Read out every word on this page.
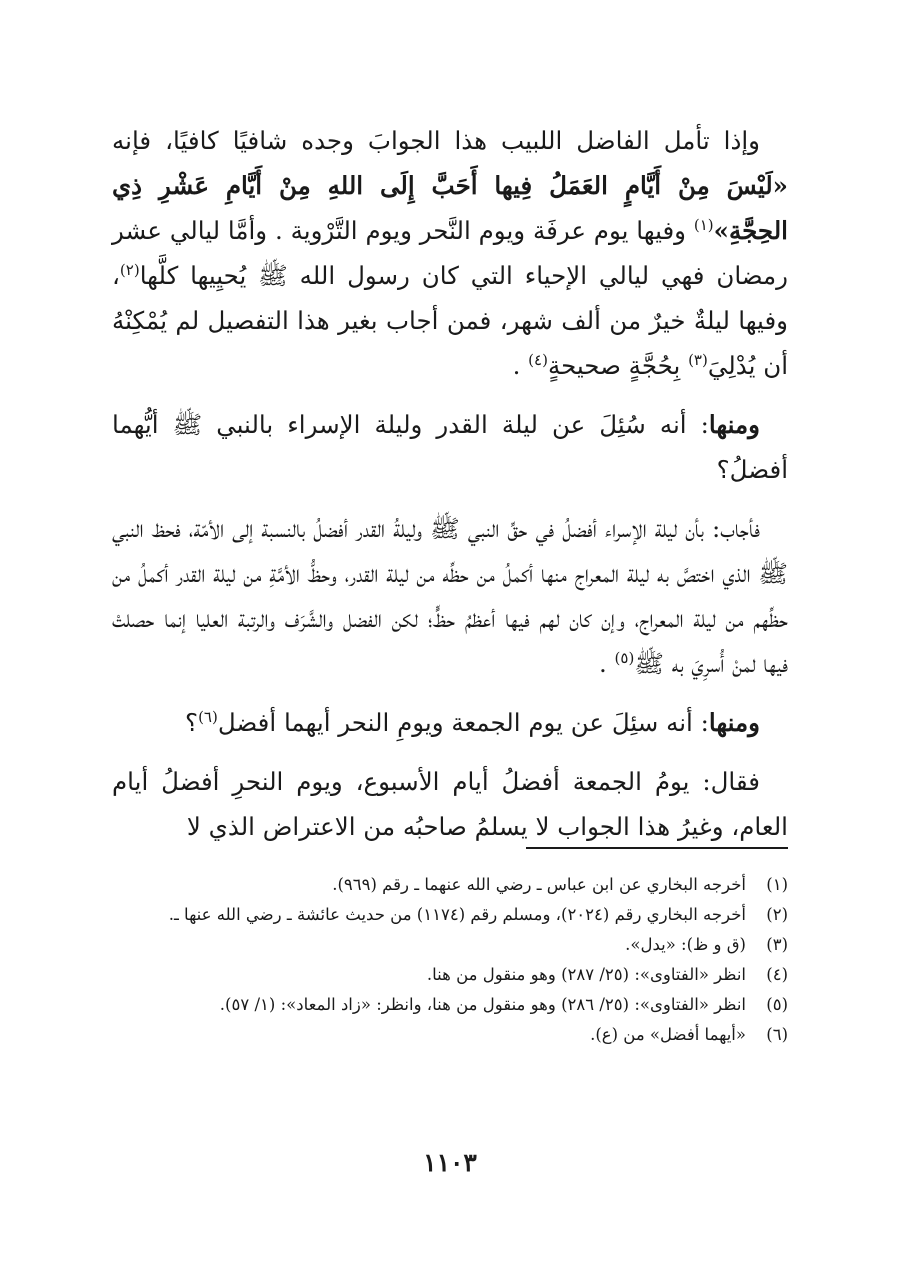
وإذا تأمل الفاضل اللبيب هذا الجوابَ وجده شافيًا كافيًا، فإنه «لَيْسَ مِنْ أَيَّامٍ العَمَلُ فِيها أَحَبَّ إِلَى اللهِ مِنْ أَيَّامِ عَشْرِ ذِي الحِجَّةِ»$^{(١)}$ وفيها يوم عرفَة ويوم النَّحر ويوم التَّرْوية . وأمَّا ليالي عشر رمضان فهي ليالي الإحياء التي كان رسول الله ﷺ يُحيِيها كلَّها$^{(٢)}$، وفيها ليلةٌ خيرٌ من ألف شهر، فمن أجاب بغير هذا التفصيل لم يُمْكِنْهُ أن يُدْلِيَ$^{(٣)}$ بِحُجَّةٍ صحيحةٍ$^{(٤)}$ .

ومنها: أنه سُئِلَ عن ليلة القدر وليلة الإسراء بالنبي ﷺ أيُّهما أفضلُ؟

فأجاب: بأن ليلة الإسراء أفضلُ في حقِّ النبي ﷺ وليلةُ القدر أفضلُ بالنسبة إلى الأمّة، فحظ النبي ﷺ الذي اختصَّ به ليلة المعراج منها أكملُ من حظِّه من ليلة القدر، وحظُّ الأمَّةِ من ليلة القدر أكملُ من حظِّهم من ليلة المعراج، وإن كان لهم فيها أعظمُ حظٍّ؛ لكن الفضل والشَّرَف والرتبة العليا إنما حصلتْ فيها لمنْ أُسرِيَ به ﷺ$^{(٥)}$ .

ومنها: أنه سئِلَ عن يوم الجمعة ويومِ النحر أيهما أفضل$^{(٦)}$؟

فقال: يومُ الجمعة أفضلُ أيام الأسبوع، ويوم النحرِ أفضلُ أيام العام، وغيرُ هذا الجواب لا يسلمُ صاحبُه من الاعتراض الذي لا

(١)
أخرجه البخاري عن ابن عباس ـ رضي الله عنهما ـ رقم (٩٦٩).
(٢)
أخرجه البخاري رقم (٢٠٢٤)، ومسلم رقم (١١٧٤) من حديث عائشة ـ رضي الله عنها ـ.
(٣)
(ق و ظ): «يدل».
(٤)
انظر «الفتاوى»: (٢٥/ ٢٨٧) وهو منقول من هنا.
(٥)
انظر «الفتاوى»: (٢٥/ ٢٨٦) وهو منقول من هنا، وانظر: «زاد المعاد»: (١/ ٥٧).
(٦)
«أيهما أفضل» من (ع).
١١٠٣
